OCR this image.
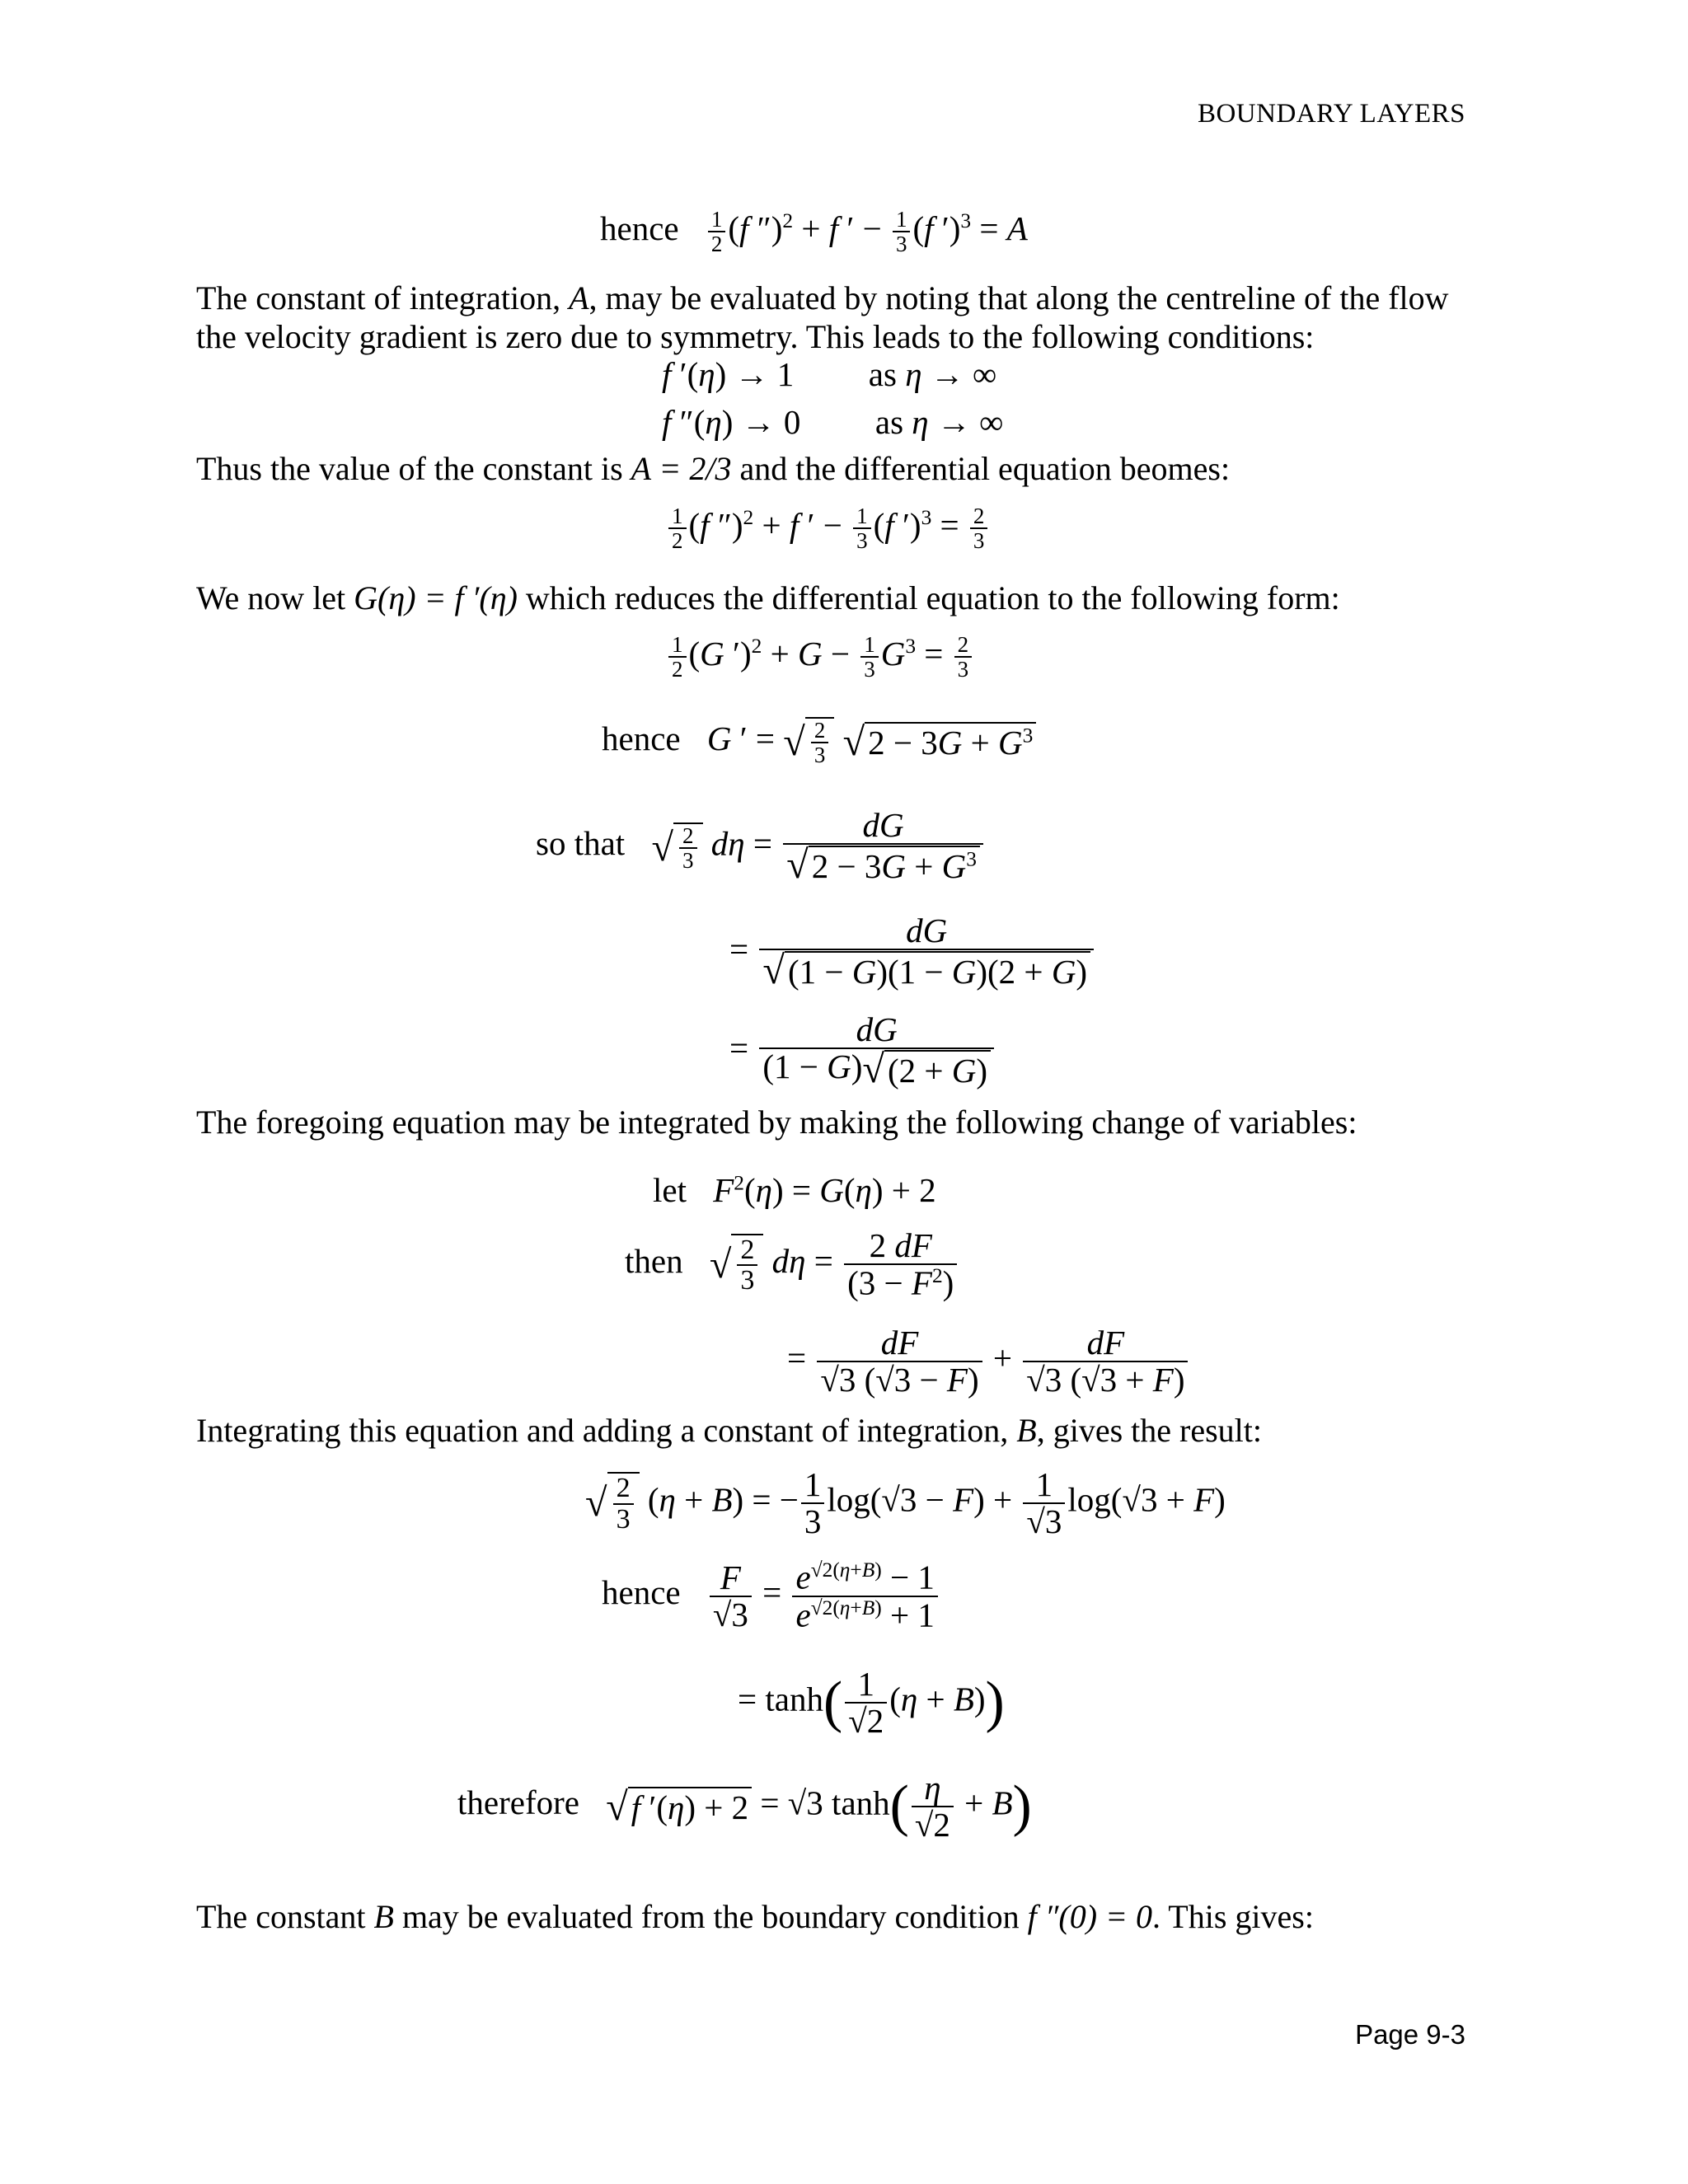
BOUNDARY LAYERS
hence $\frac{1}{2} (f$ ″)$^2$ + f ′ − $\frac{1}{3} (f$ ′)$^3$ = A
The constant of integration, A, may be evaluated by noting that along the centreline of the flow
the velocity gradient is zero due to symmetry. This leads to the following conditions:
f ′(η) → 1  as η → ∞
f ″(η) → 0  as η → ∞
Thus the value of the constant is A = 2/3 and the differential equation beomes:
$\frac{1}{2} (f$ ″)$^2$ + f ′ − $\frac{1}{3} (f$ $')^3 = \frac{2}{3}$
We now let G(η) = f ′(η) which reduces the differential equation to the following form:
$\frac{1}{2} (G$ $')^2 + G - \frac{1}{3} G^3 = \frac{2}{3}$
hence G ′ = √ $\frac{2}{3} √2 - 3G + G^3$
so that √ $\frac{2}{3}$ $d\eta = \frac{dG}{√2 - 3G + G^3}$
= $\frac{dG}{√(1 - G)(1 - G)(2 + G)}$
= $\frac{dG}{(1 - G)√(2 + G)}$
The foregoing equation may be integrated by making the following change of variables:
let $F^2(\eta) = G(\eta) + 2$
then √ $\frac{2}{3}$ $d\eta = \frac{2 dF}{(3 - F^2)}$
= $\frac{dF}{√3 (√3 - F)} + \frac{dF}{√3 (√3 + F)}$
Integrating this equation and adding a constant of integration, B, gives the result:
√ $\frac{2}{3} (\eta + B)$ = − $\frac{1}{3} \log(√3 - F) + \frac{1}{√3} \log(√3 + F)$
hence $\frac{F}{√3} = \frac{e^{√2(\eta+B)} - 1}{e^{√2(\eta+B)} + 1}$
= $\tanh( \frac{1}{√2} (\eta + B))$
therefore √f ′(η) + 2 = √3 $\tanh( \frac{\eta}{√2} + B)$
The constant B may be evaluated from the boundary condition f ″(0) = 0. This gives:
Page 9-3
